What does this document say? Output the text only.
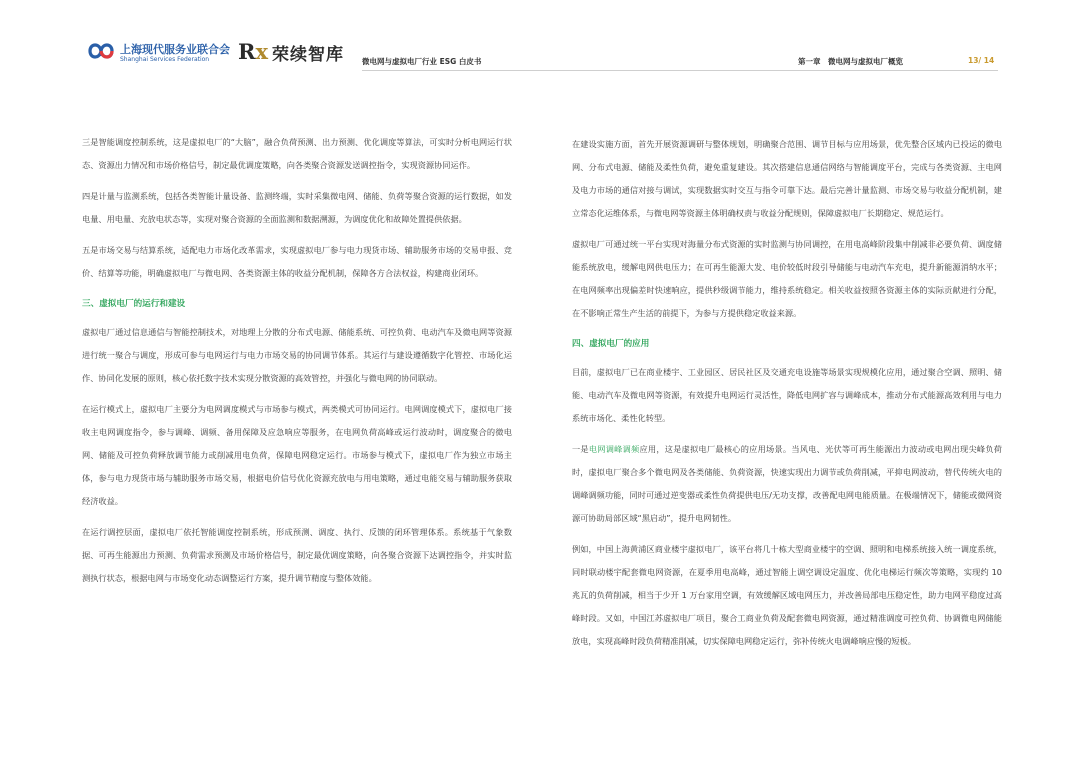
上海现代服务业联合会
Shanghai Services Federation Rx 荣续智库 微电网与虚拟电厂行业 ESG 白皮书	第一章　微电网与虚拟电厂概览	13/ 14

三是智能调度控制系统，这是虚拟电厂的“大脑”，融合负荷预测、出力预测、优化调度等算法，可实时分析电网运行状态、资源出力情况和市场价格信号，制定最优调度策略，向各类聚合资源发送调控指令，实现资源协同运作。

四是计量与监测系统，包括各类智能计量设备、监测终端，实时采集微电网、储能、负荷等聚合资源的运行数据，如发电量、用电量、充放电状态等，实现对聚合资源的全面监测和数据溯源，为调度优化和故障处置提供依据。

五是市场交易与结算系统，适配电力市场化改革需求，实现虚拟电厂参与电力现货市场、辅助服务市场的交易申报、竞价、结算等功能，明确虚拟电厂与微电网、各类资源主体的收益分配机制，保障各方合法权益，构建商业闭环。

三、虚拟电厂的运行和建设

虚拟电厂通过信息通信与智能控制技术，对地理上分散的分布式电源、储能系统、可控负荷、电动汽车及微电网等资源进行统一聚合与调度，形成可参与电网运行与电力市场交易的协同调节体系。其运行与建设遵循数字化管控、市场化运作、协同化发展的原则，核心依托数字技术实现分散资源的高效管控，并强化与微电网的协同联动。

在运行模式上，虚拟电厂主要分为电网调度模式与市场参与模式，两类模式可协同运行。电网调度模式下，虚拟电厂接收主电网调度指令，参与调峰、调频、备用保障及应急响应等服务，在电网负荷高峰或运行波动时，调度聚合的微电网、储能及可控负荷释放调节能力或削减用电负荷，保障电网稳定运行。市场参与模式下，虚拟电厂作为独立市场主体，参与电力现货市场与辅助服务市场交易，根据电价信号优化资源充放电与用电策略，通过电能交易与辅助服务获取经济收益。

在运行调控层面，虚拟电厂依托智能调度控制系统，形成预测、调度、执行、反馈的闭环管理体系。系统基于气象数据、可再生能源出力预测、负荷需求预测及市场价格信号，制定最优调度策略，向各聚合资源下达调控指令，并实时监测执行状态，根据电网与市场变化动态调整运行方案，提升调节精度与整体效能。

在建设实施方面，首先开展资源调研与整体规划，明确聚合范围、调节目标与应用场景，优先整合区域内已投运的微电网、分布式电源、储能及柔性负荷，避免重复建设。其次搭建信息通信网络与智能调度平台，完成与各类资源、主电网及电力市场的通信对接与调试，实现数据实时交互与指令可靠下达。最后完善计量监测、市场交易与收益分配机制，建立常态化运维体系，与微电网等资源主体明确权责与收益分配规则，保障虚拟电厂长期稳定、规范运行。

虚拟电厂可通过统一平台实现对海量分布式资源的实时监测与协同调控，在用电高峰阶段集中削减非必要负荷、调度储能系统放电，缓解电网供电压力；在可再生能源大发、电价较低时段引导储能与电动汽车充电，提升新能源消纳水平；在电网频率出现偏差时快速响应，提供秒级调节能力，维持系统稳定。相关收益按照各资源主体的实际贡献进行分配，在不影响正常生产生活的前提下，为参与方提供稳定收益来源。

四、虚拟电厂的应用

目前，虚拟电厂已在商业楼宇、工业园区、居民社区及交通充电设施等场景实现规模化应用，通过聚合空调、照明、储能、电动汽车及微电网等资源，有效提升电网运行灵活性，降低电网扩容与调峰成本，推动分布式能源高效利用与电力系统市场化、柔性化转型。

一是电网调峰调频应用，这是虚拟电厂最核心的应用场景。当风电、光伏等可再生能源出力波动或电网出现尖峰负荷时，虚拟电厂聚合多个微电网及各类储能、负荷资源，快速实现出力调节或负荷削减，平抑电网波动，替代传统火电的调峰调频功能，同时可通过逆变器或柔性负荷提供电压/无功支撑，改善配电网电能质量。在极端情况下，储能或微网资源可协助局部区域“黑启动”，提升电网韧性。

例如，中国上海黄浦区商业楼宇虚拟电厂，该平台将几十栋大型商业楼宇的空调、照明和电梯系统接入统一调度系统，同时联动楼宇配套微电网资源，在夏季用电高峰，通过智能上调空调设定温度、优化电梯运行频次等策略，实现约 10 兆瓦的负荷削减，相当于少开 1 万台家用空调，有效缓解区域电网压力，并改善局部电压稳定性，助力电网平稳度过高峰时段。又如，中国江苏虚拟电厂项目，聚合工商业负荷及配套微电网资源，通过精准调度可控负荷、协调微电网储能放电，实现高峰时段负荷精准削减，切实保障电网稳定运行，弥补传统火电调峰响应慢的短板。
